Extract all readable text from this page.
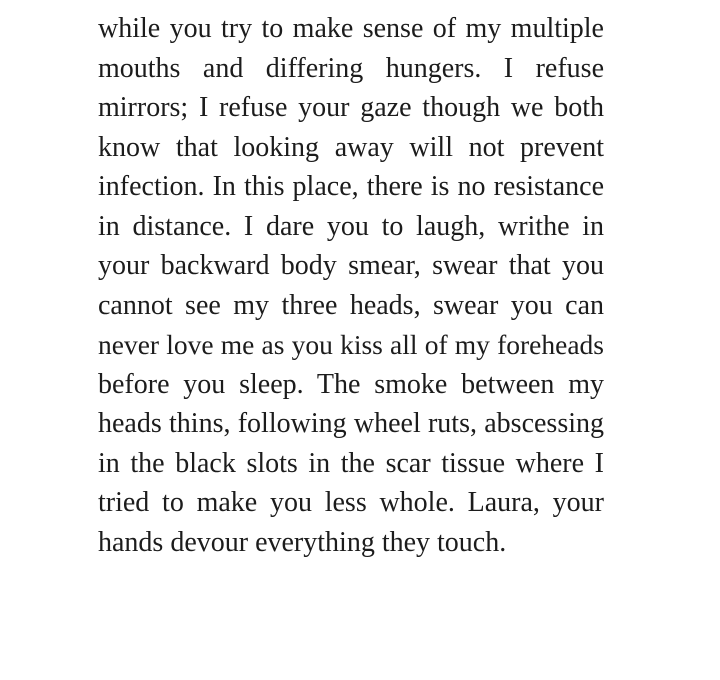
while you try to make sense of my multiple
mouths and differing hungers. I refuse
mirrors; I refuse your gaze though we both
know that looking away will not prevent
infection. In this place, there is no resistance
in distance. I dare you to laugh, writhe in
your backward body smear, swear that you
cannot see my three heads, swear you can
never love me as you kiss all of my foreheads
before you sleep. The smoke between my
heads thins, following wheel ruts, abscessing
in the black slots in the scar tissue where I
tried to make you less whole. Laura, your
hands devour everything they touch.
